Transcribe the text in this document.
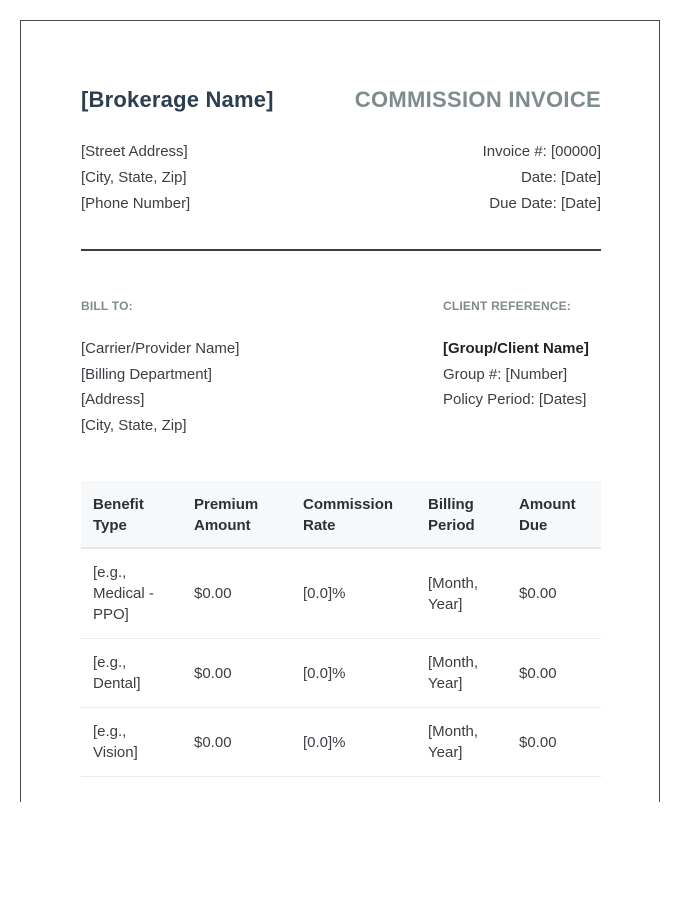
[Brokerage Name]	COMMISSION INVOICE
[Street Address]
[City, State, Zip]
[Phone Number]
Invoice #: [00000]
Date: [Date]
Due Date: [Date]
BILL TO:	CLIENT REFERENCE:
[Carrier/Provider Name]
[Billing Department]
[Address]
[City, State, Zip]
[Group/Client Name]
Group #: [Number]
Policy Period: [Dates]
Benefit Type	Premium Amount	Commission Rate	Billing Period	Amount Due
[e.g., Medical - PPO]	$0.00	[0.0]%	[Month, Year]	$0.00
[e.g., Dental]	$0.00	[0.0]%	[Month, Year]	$0.00
[e.g., Vision]	$0.00	[0.0]%	[Month, Year]	$0.00
